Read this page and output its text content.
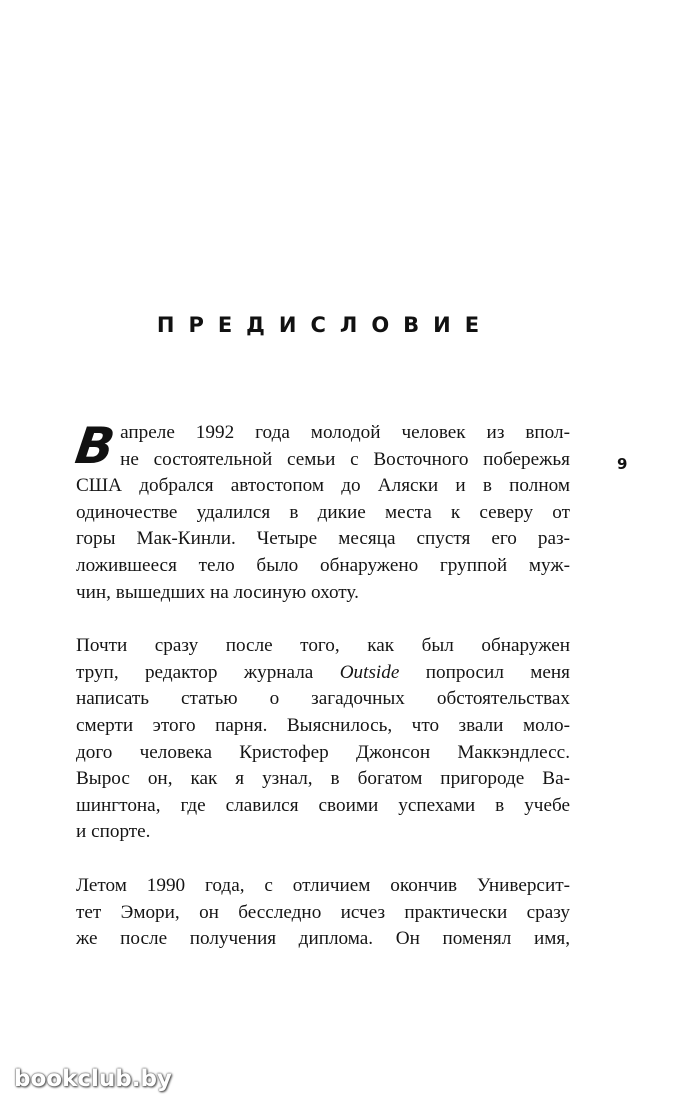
ПРЕДИСЛОВИЕ
9
В апреле 1992 года молодой человек из впол-
не состоятельной семьи с Восточного побережья
США добрался автостопом до Аляски и в полном
одиночестве удалился в дикие места к северу от
горы Мак-Кинли. Четыре месяца спустя его раз-
ложившееся тело было обнаружено группой муж-
чин, вышедших на лосиную охоту.
Почти сразу после того, как был обнаружен
труп, редактор журнала Outside попросил меня
написать статью о загадочных обстоятельствах
смерти этого парня. Выяснилось, что звали моло-
дого человека Кристофер Джонсон Маккэндлесс.
Вырос он, как я узнал, в богатом пригороде Ва-
шингтона, где славился своими успехами в учебе
и спорте.
Летом 1990 года, с отличием окончив Университ-
тет Эмори, он бесследно исчез практически сразу
же после получения диплома. Он поменял имя,
bookclub.by
